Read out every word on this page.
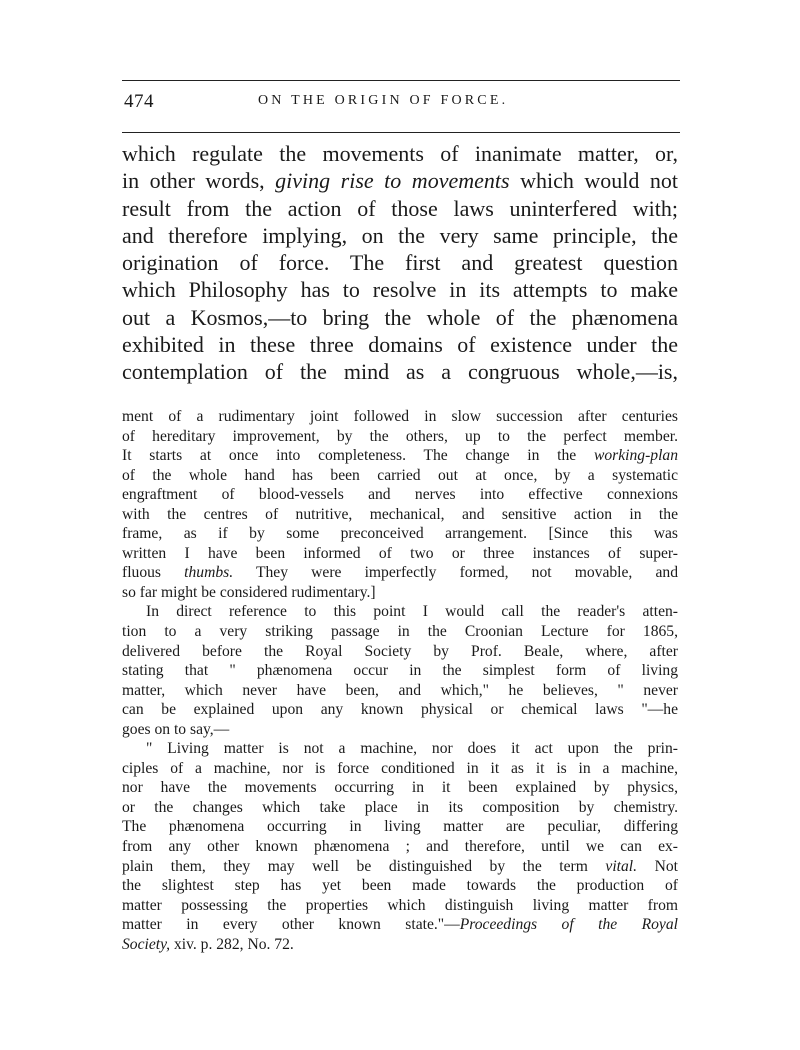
474	ON THE ORIGIN OF FORCE.
which regulate the movements of inanimate matter, or,
in other words, giving rise to movements which would not
result from the action of those laws uninterfered with;
and therefore implying, on the very same principle, the
origination of force. The first and greatest question
which Philosophy has to resolve in its attempts to make
out a Kosmos,—to bring the whole of the phænomena
exhibited in these three domains of existence under the
contemplation of the mind as a congruous whole,—is,
ment of a rudimentary joint followed in slow succession after centuries
of hereditary improvement, by the others, up to the perfect member.
It starts at once into completeness. The change in the working-plan
of the whole hand has been carried out at once, by a systematic
engraftment of blood-vessels and nerves into effective connexions
with the centres of nutritive, mechanical, and sensitive action in the
frame, as if by some preconceived arrangement. [Since this was
written I have been informed of two or three instances of super-
fluous thumbs. They were imperfectly formed, not movable, and
so far might be considered rudimentary.]
In direct reference to this point I would call the reader's atten-
tion to a very striking passage in the Croonian Lecture for 1865,
delivered before the Royal Society by Prof. Beale, where, after
stating that " phænomena occur in the simplest form of living
matter, which never have been, and which," he believes, " never
can be explained upon any known physical or chemical laws "—he
goes on to say,—
" Living matter is not a machine, nor does it act upon the prin-
ciples of a machine, nor is force conditioned in it as it is in a machine,
nor have the movements occurring in it been explained by physics,
or the changes which take place in its composition by chemistry.
The phænomena occurring in living matter are peculiar, differing
from any other known phænomena ; and therefore, until we can ex-
plain them, they may well be distinguished by the term vital. Not
the slightest step has yet been made towards the production of
matter possessing the properties which distinguish living matter from
matter in every other known state."—Proceedings of the Royal
Society, xiv. p. 282, No. 72.
